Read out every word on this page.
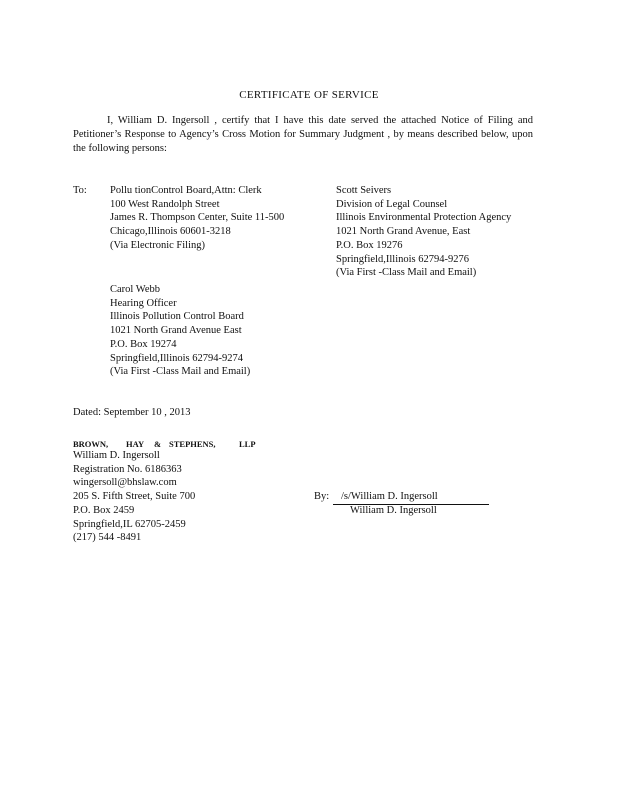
CERTIFICATE OF SERVICE
I, William D. Ingersoll , certify that I have this date served the attached Notice of Filing and Petitioner’s Response to Agency’s Cross Motion for Summary Judgment , by means described below, upon the following persons:
To: Pollu tionControl Board,Attn: Clerk
100 West Randolph Street
James R. Thompson Center, Suite 11-500
Chicago,Illinois 60601-3218
(Via Electronic Filing)
Scott Seivers
Division of Legal Counsel
Illinois Environmental Protection Agency
1021 North Grand Avenue, East
P.O. Box 19276
Springfield,Illinois 62794-9276
(Via First -Class Mail and Email)
Carol Webb
Hearing Officer
Illinois Pollution Control Board
1021 North Grand Avenue East
P.O. Box 19274
Springfield,Illinois 62794-9274
(Via First -Class Mail and Email)
Dated: September 10 , 2013
BROWN, HAY & STEPHENS,	LLP
William D. Ingersoll
Registration No. 6186363
wingersoll@bhslaw.com
205 S. Fifth Street, Suite 700
P.O. Box 2459
Springfield,IL 62705-2459
(217) 544 -8491
By:	/s/William D. Ingersoll
William D. Ingersoll
